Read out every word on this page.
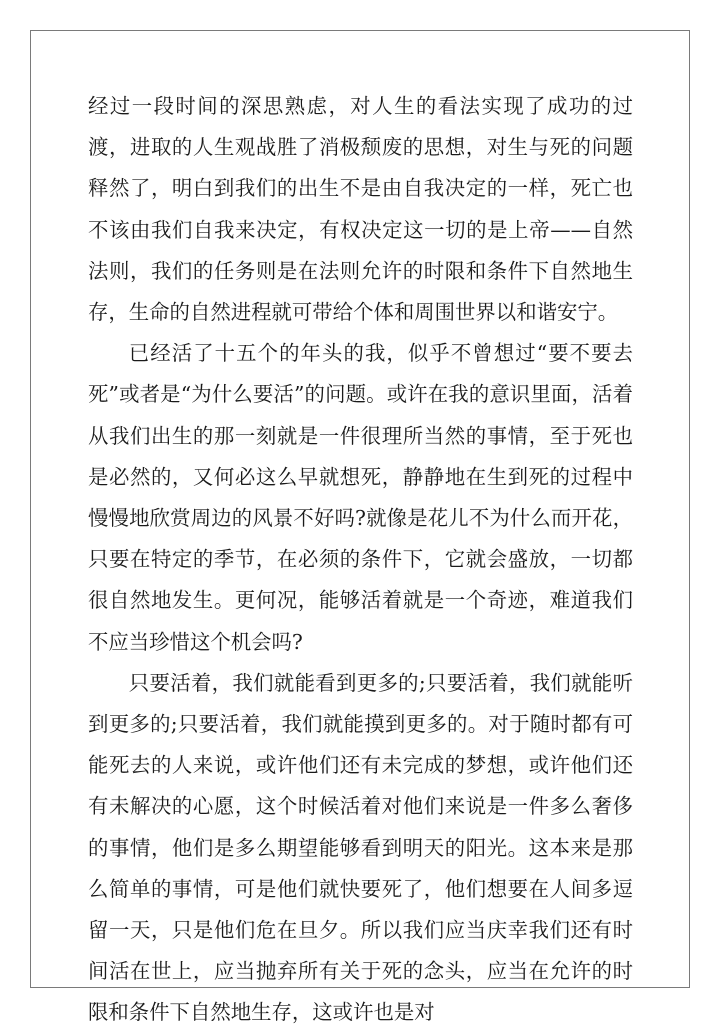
经过一段时间的深思熟虑，对人生的看法实现了成功的过渡，进取的人生观战胜了消极颓废的思想，对生与死的问题释然了，明白到我们的出生不是由自我决定的一样，死亡也不该由我们自我来决定，有权决定这一切的是上帝——自然法则，我们的任务则是在法则允许的时限和条件下自然地生存，生命的自然进程就可带给个体和周围世界以和谐安宁。

已经活了十五个的年头的我，似乎不曾想过“要不要去死”或者是“为什么要活”的问题。或许在我的意识里面，活着从我们出生的那一刻就是一件很理所当然的事情，至于死也是必然的，又何必这么早就想死，静静地在生到死的过程中慢慢地欣赏周边的风景不好吗?就像是花儿不为什么而开花，只要在特定的季节，在必须的条件下，它就会盛放，一切都很自然地发生。更何况，能够活着就是一个奇迹，难道我们不应当珍惜这个机会吗?

只要活着，我们就能看到更多的;只要活着，我们就能听到更多的;只要活着，我们就能摸到更多的。对于随时都有可能死去的人来说，或许他们还有未完成的梦想，或许他们还有未解决的心愿，这个时候活着对他们来说是一件多么奢侈的事情，他们是多么期望能够看到明天的阳光。这本来是那么简单的事情，可是他们就快要死了，他们想要在人间多逗留一天，只是他们危在旦夕。所以我们应当庆幸我们还有时间活在世上，应当抛弃所有关于死的念头，应当在允许的时限和条件下自然地生存，这或许也是对
